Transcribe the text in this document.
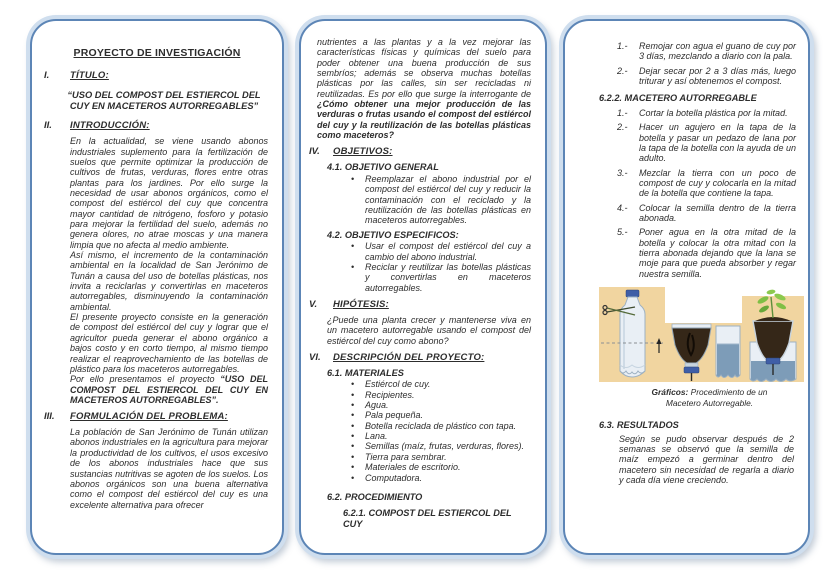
PROYECTO DE INVESTIGACIÓN
I.	TÍTULO:
“USO DEL COMPOST DEL ESTIERCOL DEL CUY EN MACETEROS AUTORREGABLES”
II.	INTRODUCCIÓN:

En la actualidad, se viene usando abonos industriales suplemento para la fertilización de suelos que permite optimizar la producción de cultivos de frutas, verduras, flores entre otras plantas para los jardines. Por ello surge la necesidad de usar abonos orgánicos, como el compost del estiércol del cuy que concentra mayor cantidad de nitrógeno, fosforo y potasio para mejorar la fertilidad del suelo, además no genera olores, no atrae moscas y una manera limpia que no afecta al medio ambiente.

Así mismo, el incremento de la contaminación ambiental en la localidad de San Jerónimo de Tunán a causa del uso de botellas plásticas, nos invita a reciclarlas y convertirlas en maceteros autorregables, disminuyendo la contaminación ambiental.

El presente proyecto consiste en la generación de compost del estiércol del cuy y lograr que el agricultor pueda generar el abono orgánico a bajos costo y en corto tiempo, al mismo tiempo realizar el reaprovechamiento de las botellas de plástico para los maceteros autorregables.

Por ello presentamos el proyecto “USO DEL COMPOST DEL ESTIERCOL DEL CUY EN MACETEROS AUTORREGABLES”.

III.	FORMULACIÓN DEL PROBLEMA:

La población de San Jerónimo de Tunán utilizan abonos industriales en la agricultura para mejorar la productividad de los cultivos, el usos excesivo de los abonos industriales hace que sus sustancias nutritivas se agoten de los suelos. Los abonos orgánicos son una buena alternativa como el compost del estiércol del cuy es una excelente alternativa para ofrecer

nutrientes a las plantas y a la vez mejorar las características físicas y químicas del suelo para poder obtener una buena producción de sus sembríos; además se observa muchas botellas plásticas por las calles, sin ser recicladas ni reutilizadas. Es por ello que surge la interrogante de ¿Cómo obtener una mejor producción de las verduras o frutas usando el compost del estiércol del cuy y la reutilización de las botellas plásticas como maceteros?

IV.	OBJETIVOS:
4.1. OBJETIVO GENERAL
•	Reemplazar el abono industrial por el compost del estiércol del cuy y reducir la contaminación con el reciclado y la reutilización de las botellas plásticas en maceteros autorregables.
4.2. OBJETIVO ESPECIFICOS:
•	Usar el compost del estiércol del cuy a cambio del abono industrial.
•	Reciclar y reutilizar las botellas plásticas y convertirlas en maceteros autorregables.
V.	HIPÓTESIS:

¿Puede una planta crecer y mantenerse viva en un macetero autorregable usando el compost del estiércol del cuy como abono?

VI.	DESCRIPCIÓN DEL PROYECTO:
6.1. MATERIALES
•	Estiércol de cuy.
•	Recipientes.
•	Agua.
•	Pala pequeña.
•	Botella reciclada de plástico con tapa.
•	Lana.
•	Semillas (maíz, frutas, verduras, flores).
•	Tierra para sembrar.
•	Materiales de escritorio.
•	Computadora.
6.2. PROCEDIMIENTO
6.2.1. COMPOST DEL ESTIERCOL DEL CUY
1.-	Remojar con agua el guano de cuy por 3 días, mezclando a diario con la pala.
2.-	Dejar secar por 2 a 3 días más, luego triturar y así obtenemos el compost.
6.2.2. MACETERO AUTORREGABLE
1.-	Cortar la botella plástica por la mitad.
2.-	Hacer un agujero en la tapa de la botella y pasar un pedazo de lana por la tapa de la botella con la ayuda de un adulto.
3.-	Mezclar la tierra con un poco de compost de cuy y colocarla en la mitad de la botella que contiene la tapa.
4.-	Colocar la semilla dentro de la tierra abonada.
5.-	Poner agua en la otra mitad de la botella y colocar la otra mitad con la tierra abonada dejando que la lana se moje para que pueda absorber y regar nuestra semilla.
Gráficos: Procedimiento de un Macetero Autorregable.
6.3. RESULTADOS
Según se pudo observar después de 2 semanas se observó que la semilla de maíz empezó a germinar dentro del macetero sin necesidad de regarla a diario y cada día viene creciendo.
